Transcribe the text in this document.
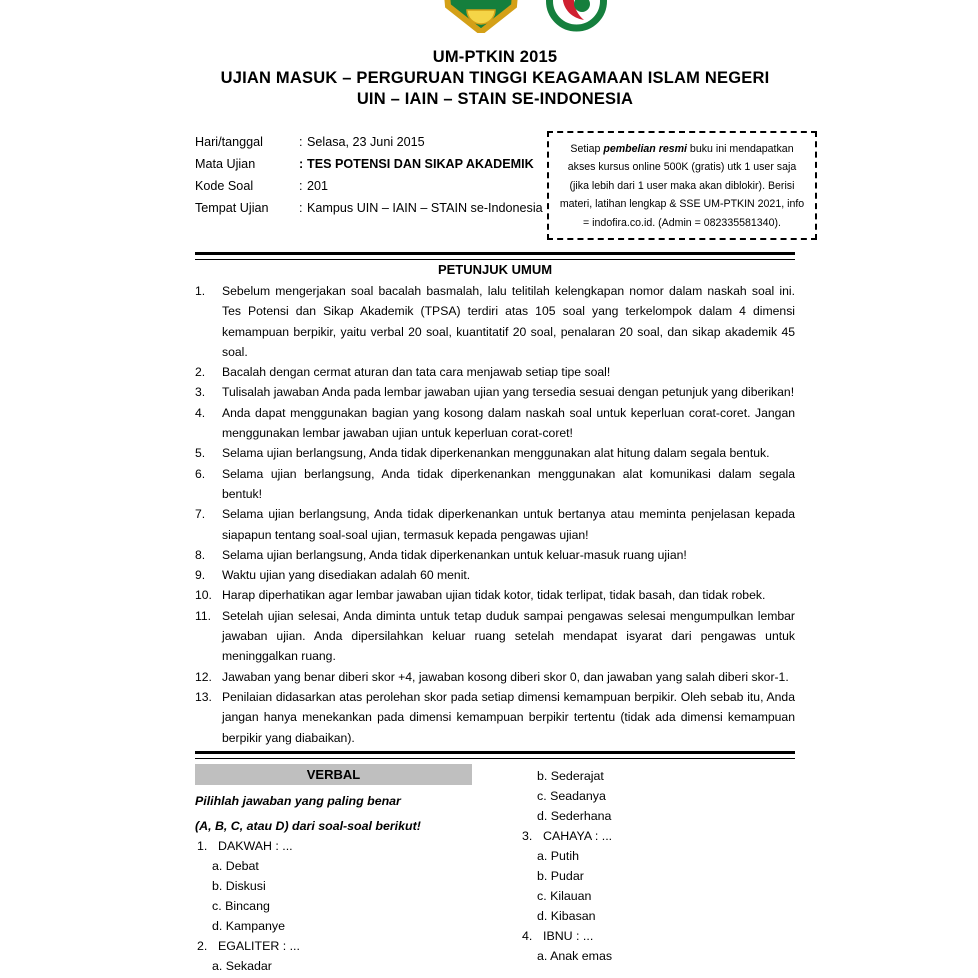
UM-PTKIN 2015
UJIAN MASUK – PERGURUAN TINGGI KEAGAMAAN ISLAM NEGERI
UIN – IAIN – STAIN SE-INDONESIA
Hari/tanggal	: Selasa, 23 Juni 2015
Mata Ujian	: TES POTENSI DAN SIKAP AKADEMIK
Kode Soal	: 201
Tempat Ujian	: Kampus UIN – IAIN – STAIN se-Indonesia
Setiap pembelian resmi buku ini mendapatkan akses kursus online 500K (gratis) utk 1 user saja (jika lebih dari 1 user maka akan diblokir). Berisi materi, latihan lengkap & SSE UM-PTKIN 2021, info = indofira.co.id. (Admin = 082335581340).
PETUNJUK UMUM
1.	Sebelum mengerjakan soal bacalah basmalah, lalu telitilah kelengkapan nomor dalam naskah soal ini. Tes Potensi dan Sikap Akademik (TPSA) terdiri atas 105 soal yang terkelompok dalam 4 dimensi kemampuan berpikir, yaitu verbal 20 soal, kuantitatif 20 soal, penalaran 20 soal, dan sikap akademik 45 soal.
2.	Bacalah dengan cermat aturan dan tata cara menjawab setiap tipe soal!
3.	Tulisalah jawaban Anda pada lembar jawaban ujian yang tersedia sesuai dengan petunjuk yang diberikan!
4.	Anda dapat menggunakan bagian yang kosong dalam naskah soal untuk keperluan corat-coret. Jangan menggunakan lembar jawaban ujian untuk keperluan corat-coret!
5.	Selama ujian berlangsung, Anda tidak diperkenankan menggunakan alat hitung dalam segala bentuk.
6.	Selama ujian berlangsung, Anda tidak diperkenankan menggunakan alat komunikasi dalam segala bentuk!
7.	Selama ujian berlangsung, Anda tidak diperkenankan untuk bertanya atau meminta penjelasan kepada siapapun tentang soal-soal ujian, termasuk kepada pengawas ujian!
8.	Selama ujian berlangsung, Anda tidak diperkenankan untuk keluar-masuk ruang ujian!
9.	Waktu ujian yang disediakan adalah 60 menit.
10. Harap diperhatikan agar lembar jawaban ujian tidak kotor, tidak terlipat, tidak basah, dan tidak robek.
11. Setelah ujian selesai, Anda diminta untuk tetap duduk sampai pengawas selesai mengumpulkan lembar jawaban ujian. Anda dipersilahkan keluar ruang setelah mendapat isyarat dari pengawas untuk meninggalkan ruang.
12. Jawaban yang benar diberi skor +4, jawaban kosong diberi skor 0, dan jawaban yang salah diberi skor-1.
13. Penilaian didasarkan atas perolehan skor pada setiap dimensi kemampuan berpikir. Oleh sebab itu, Anda jangan hanya menekankan pada dimensi kemampuan berpikir tertentu (tidak ada dimensi kemampuan berpikir yang diabaikan).
VERBAL
Pilihlah jawaban yang paling benar
(A, B, C, atau D) dari soal-soal berikut!
1. DAKWAH : ...
a. Debat
b. Diskusi
c. Bincang
d. Kampanye
2. EGALITER : ...
a. Sekadar
b. Sederajat
c. Seadanya
d. Sederhana
3. CAHAYA : ...
a. Putih
b. Pudar
c. Kilauan
d. Kibasan
4. IBNU : ...
a. Anak emas
